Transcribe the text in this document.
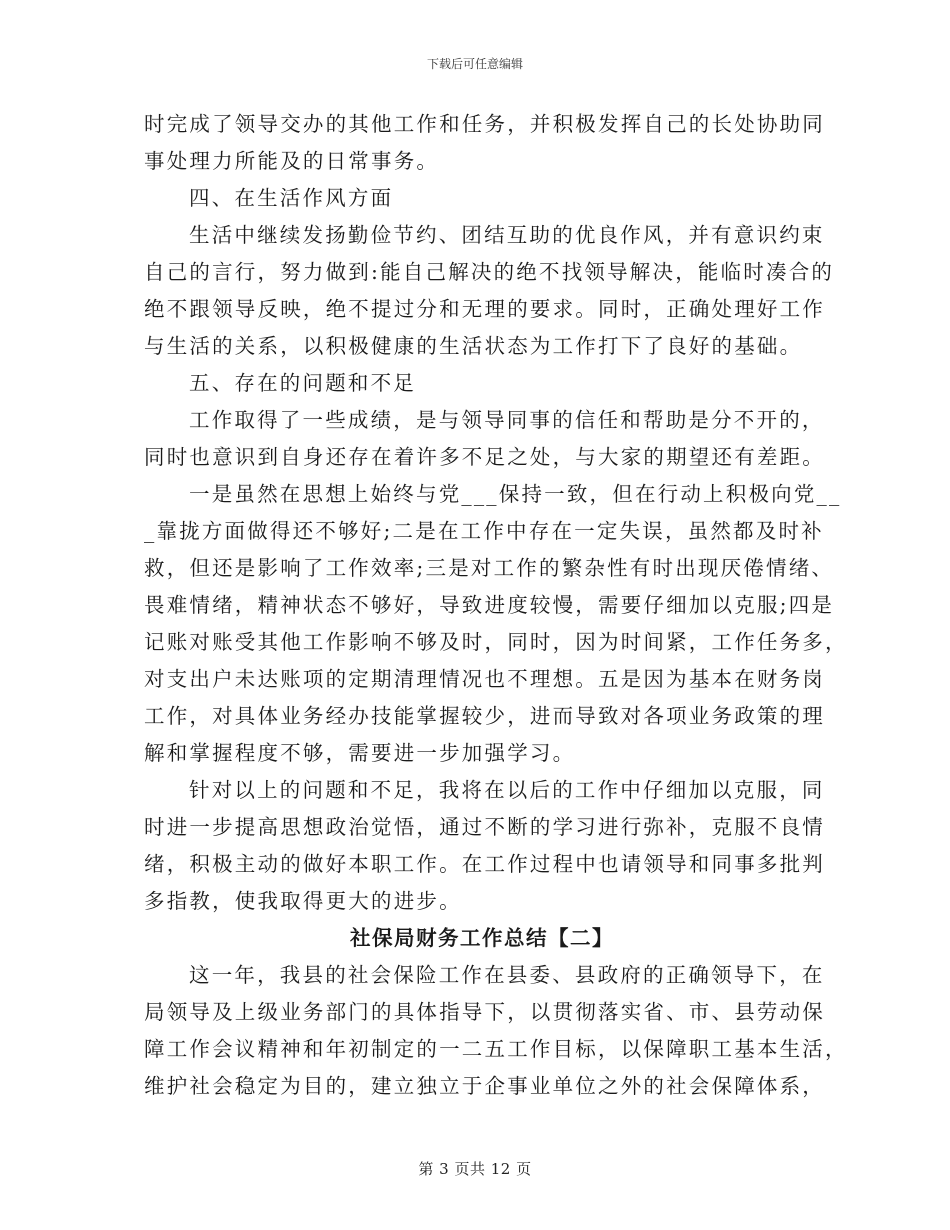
下载后可任意编辑
时完成了领导交办的其他工作和任务，并积极发挥自己的长处协助同
事处理力所能及的日常事务。
四、在生活作风方面
生活中继续发扬勤俭节约、团结互助的优良作风，并有意识约束
自己的言行，努力做到:能自己解决的绝不找领导解决，能临时凑合的
绝不跟领导反映，绝不提过分和无理的要求。同时，正确处理好工作
与生活的关系，以积极健康的生活状态为工作打下了良好的基础。
五、存在的问题和不足
工作取得了一些成绩，是与领导同事的信任和帮助是分不开的，
同时也意识到自身还存在着许多不足之处，与大家的期望还有差距。
一是虽然在思想上始终与党___保持一致，但在行动上积极向党__
_靠拢方面做得还不够好;二是在工作中存在一定失误，虽然都及时补
救，但还是影响了工作效率;三是对工作的繁杂性有时出现厌倦情绪、
畏难情绪，精神状态不够好，导致进度较慢，需要仔细加以克服;四是
记账对账受其他工作影响不够及时，同时，因为时间紧，工作任务多，
对支出户未达账项的定期清理情况也不理想。五是因为基本在财务岗
工作，对具体业务经办技能掌握较少，进而导致对各项业务政策的理
解和掌握程度不够，需要进一步加强学习。
针对以上的问题和不足，我将在以后的工作中仔细加以克服，同
时进一步提高思想政治觉悟，通过不断的学习进行弥补，克服不良情
绪，积极主动的做好本职工作。在工作过程中也请领导和同事多批判
多指教，使我取得更大的进步。
社保局财务工作总结【二】
这一年，我县的社会保险工作在县委、县政府的正确领导下，在
局领导及上级业务部门的具体指导下，以贯彻落实省、市、县劳动保
障工作会议精神和年初制定的一二五工作目标，以保障职工基本生活，
维护社会稳定为目的，建立独立于企事业单位之外的社会保障体系，
第 3 页共 12 页
